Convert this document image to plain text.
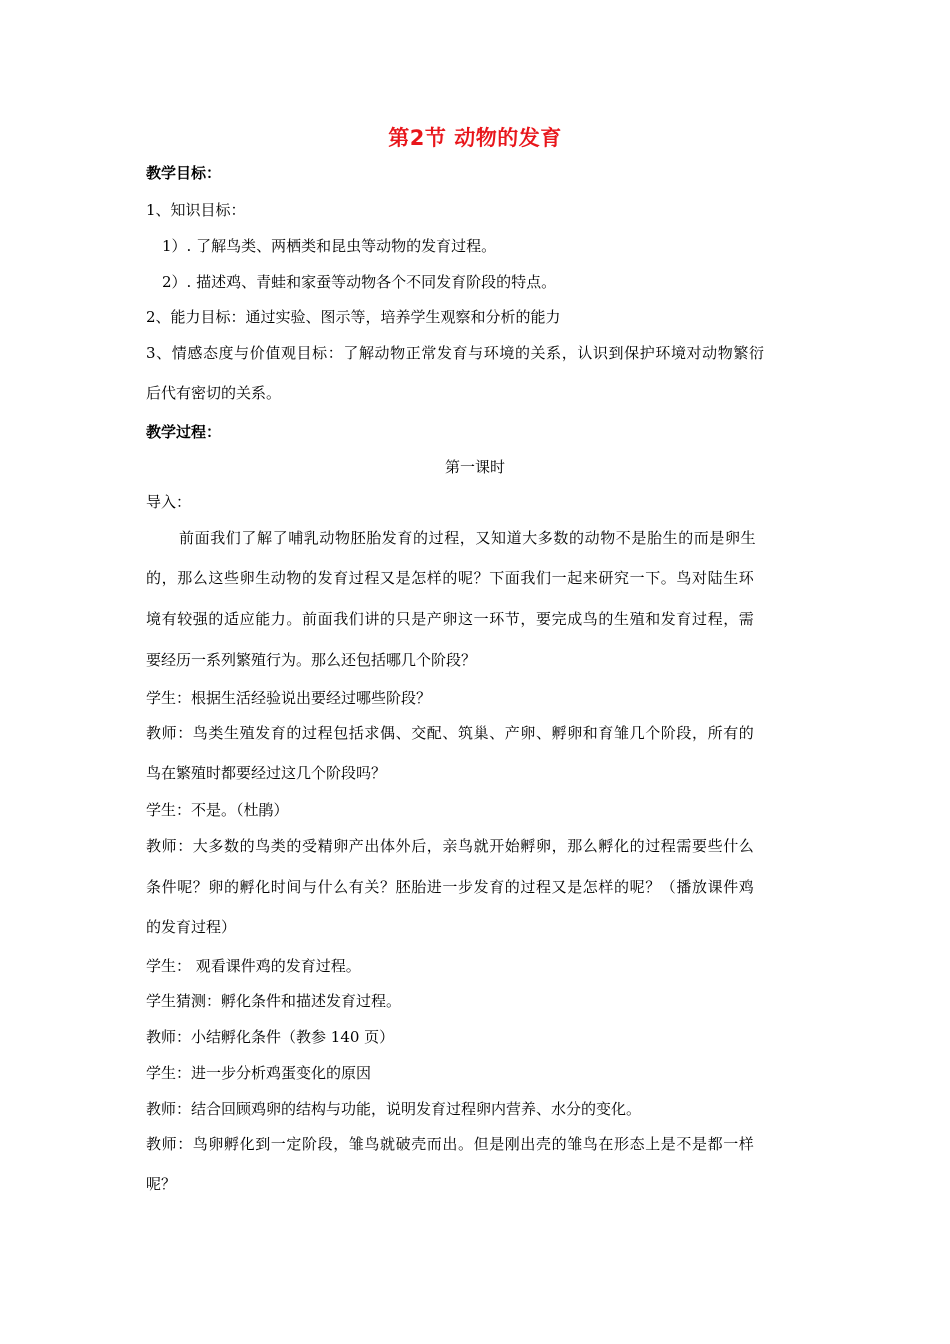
第2节 动物的发育
教学目标：
1、知识目标：
1）. 了解鸟类、两栖类和昆虫等动物的发育过程。
2）. 描述鸡、青蛙和家蚕等动物各个不同发育阶段的特点。
2、能力目标：通过实验、图示等，培养学生观察和分析的能力
3、情感态度与价值观目标：了解动物正常发育与环境的关系，认识到保护环境对动物繁衍
后代有密切的关系。
教学过程：
第一课时
导入：
前面我们了解了哺乳动物胚胎发育的过程，又知道大多数的动物不是胎生的而是卵生
的，那么这些卵生动物的发育过程又是怎样的呢？下面我们一起来研究一下。鸟对陆生环
境有较强的适应能力。前面我们讲的只是产卵这一环节，要完成鸟的生殖和发育过程，需
要经历一系列繁殖行为。那么还包括哪几个阶段？
学生：根据生活经验说出要经过哪些阶段？
教师：鸟类生殖发育的过程包括求偶、交配、筑巢、产卵、孵卵和育雏几个阶段，所有的
鸟在繁殖时都要经过这几个阶段吗？
学生：不是。（杜鹃）
教师：大多数的鸟类的受精卵产出体外后，亲鸟就开始孵卵，那么孵化的过程需要些什么
条件呢？卵的孵化时间与什么有关？胚胎进一步发育的过程又是怎样的呢？（播放课件鸡
的发育过程）
学生： 观看课件鸡的发育过程。
学生猜测：孵化条件和描述发育过程。
教师：小结孵化条件（教参 140 页）
学生：进一步分析鸡蛋变化的原因
教师：结合回顾鸡卵的结构与功能，说明发育过程卵内营养、水分的变化。
教师：鸟卵孵化到一定阶段，雏鸟就破壳而出。但是刚出壳的雏鸟在形态上是不是都一样
呢？
